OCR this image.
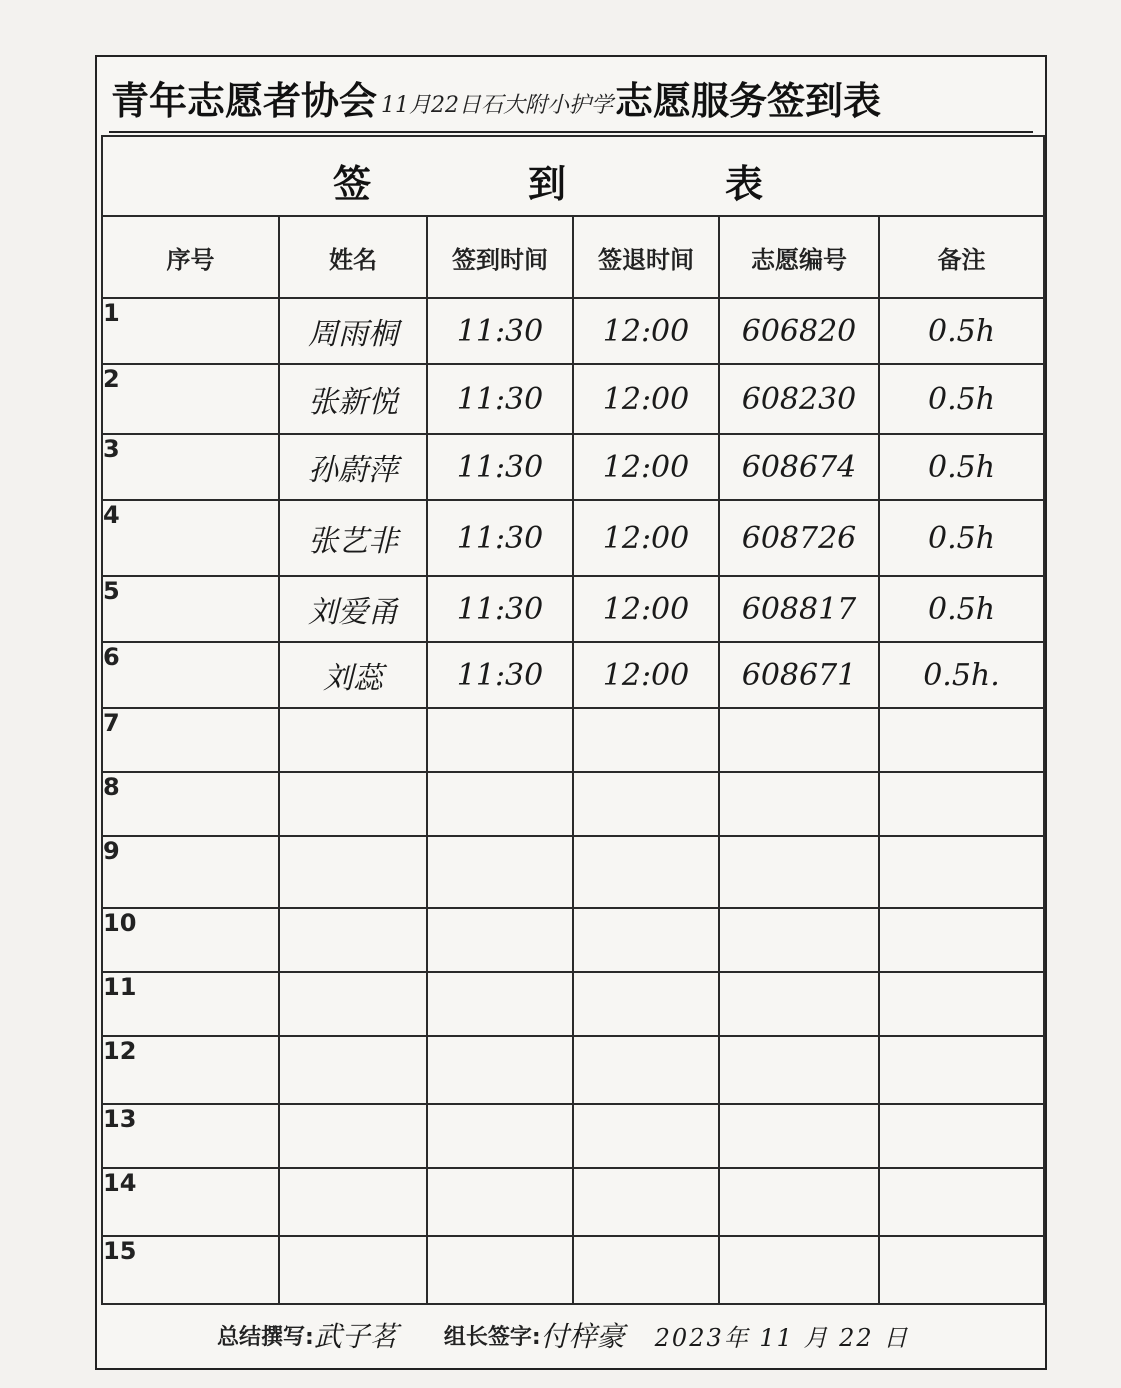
青年志愿者协会 11月22日石大附小护学 志愿服务签到表
签 到 表					

序号	姓名	签到时间	签退时间	志愿编号	备注
1	周雨桐	11:30	12:00	606820	0.5h
2	张新悦	11:30	12:00	608230	0.5h
3	孙蔚萍	11:30	12:00	608674	0.5h
4	张艺非	11:30	12:00	608726	0.5h
5	刘爱甬	11:30	12:00	608817	0.5h
6	刘蕊	11:30	12:00	608671	0.5h.
7					
8					
9					
10					
11					
12					
13					
14					
15					
总结撰写: 武子茗 组长签字: 付梓豪 2023年 11 月 22 日
